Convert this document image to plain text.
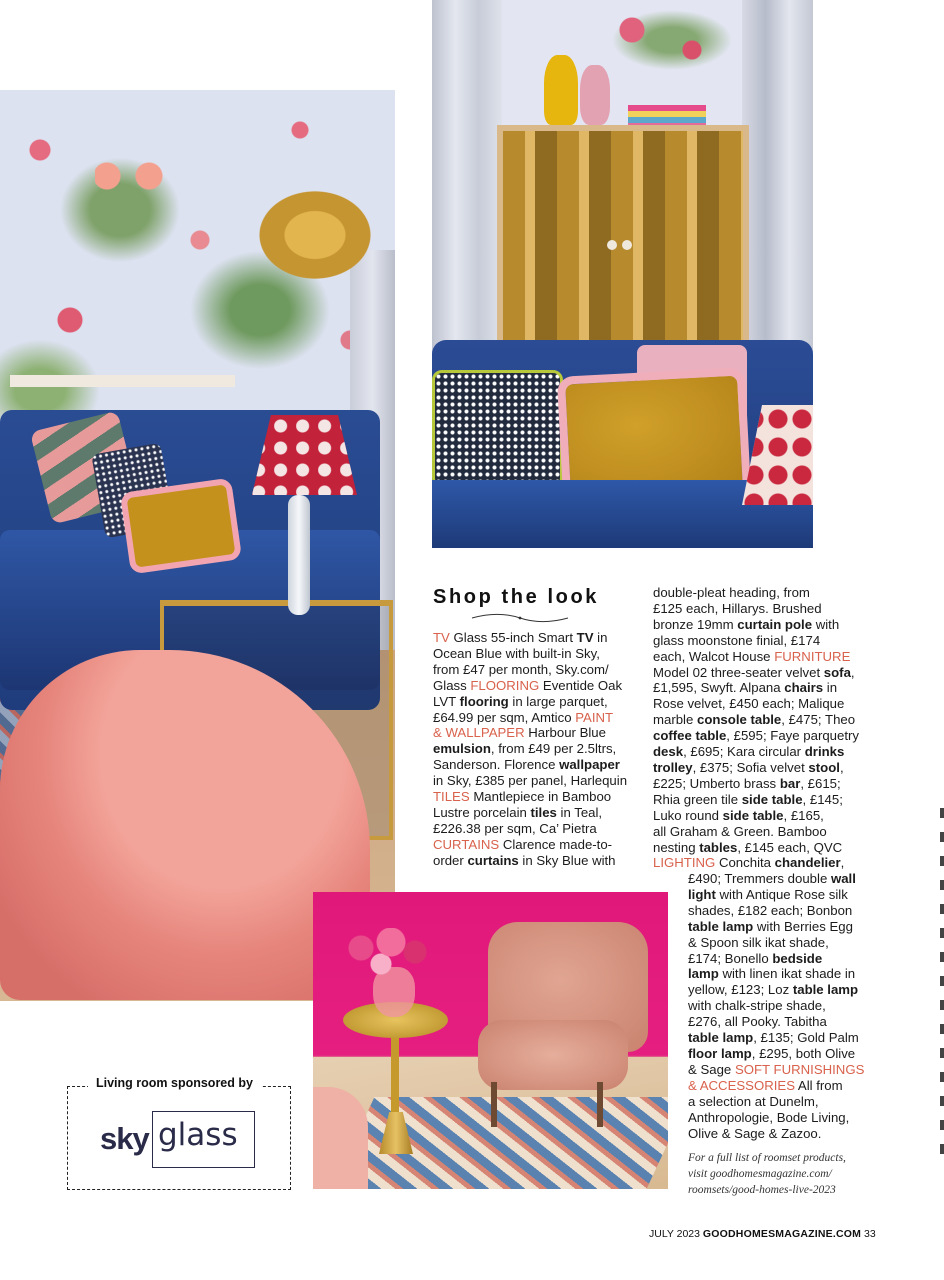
Shop the look
TV Glass 55-inch Smart TV in
Ocean Blue with built-in Sky,
from £47 per month, Sky.com/
Glass FLOORING Eventide Oak
LVT flooring in large parquet,
£64.99 per sqm, Amtico PAINT
& WALLPAPER Harbour Blue
emulsion, from £49 per 2.5ltrs,
Sanderson. Florence wallpaper
in Sky, £385 per panel, Harlequin
TILES Mantlepiece in Bamboo
Lustre porcelain tiles in Teal,
£226.38 per sqm, Ca’ Pietra
CURTAINS Clarence made-to-
order curtains in Sky Blue with
double-pleat heading, from
£125 each, Hillarys. Brushed
bronze 19mm curtain pole with
glass moonstone finial, £174
each, Walcot House FURNITURE
Model 02 three-seater velvet sofa,
£1,595, Swyft. Alpana chairs in
Rose velvet, £450 each; Malique
marble console table, £475; Theo
coffee table, £595; Faye parquetry
desk, £695; Kara circular drinks
trolley, £375; Sofia velvet stool,
£225; Umberto brass bar, £615;
Rhia green tile side table, £145;
Luko round side table, £165,
all Graham & Green. Bamboo
nesting tables, £145 each, QVC
LIGHTING Conchita chandelier,
£490; Tremmers double wall
light with Antique Rose silk
shades, £182 each; Bonbon
table lamp with Berries Egg
& Spoon silk ikat shade,
£174; Bonello bedside
lamp with linen ikat shade in
yellow, £123; Loz table lamp
with chalk-stripe shade,
£276, all Pooky. Tabitha
table lamp, £135; Gold Palm
floor lamp, £295, both Olive
& Sage SOFT FURNISHINGS
& ACCESSORIES All from
a selection at Dunelm,
Anthropologie, Bode Living,
Olive & Sage & Zazoo.
For a full list of roomset products,
visit goodhomesmagazine.com/
roomsets/good-homes-live-2023
Living room sponsored by
sky glass
JULY 2023 GOODHOMESMAGAZINE.COM 33
